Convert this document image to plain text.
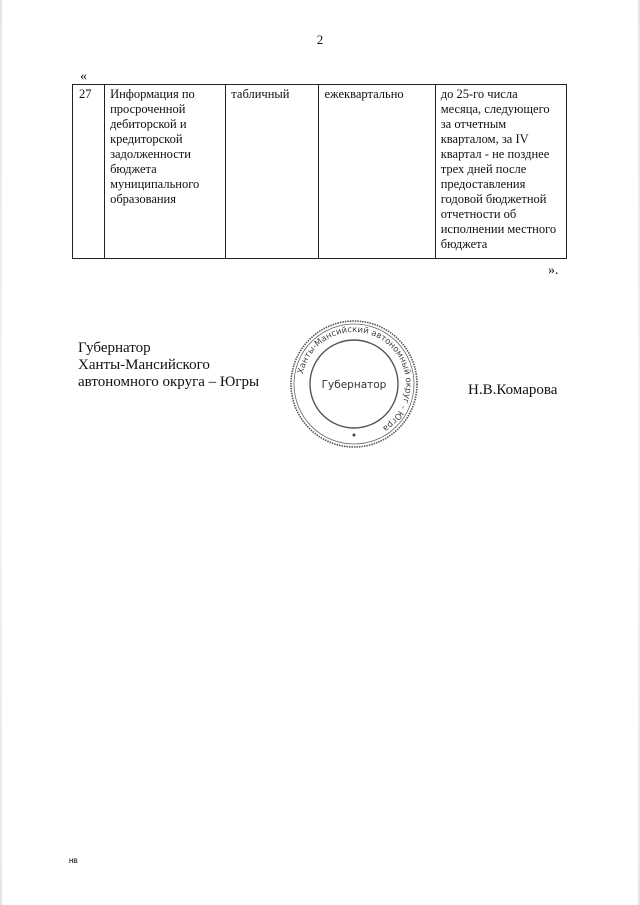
2
«
27	Информация по просроченной дебиторской и кредиторской задолженности бюджета муниципального образования	табличный	ежеквартально	до 25-го числа месяца, следующего за отчетным кварталом, за IV квартал - не позднее трех дней после предоставления годовой бюджетной отчетности об исполнении местного бюджета
».
Губернатор
Ханты-Мансийского
автономного округа – Югры
Ханты-Мансийский автономный округ - Югра
Губернатор	Н.В.Комарова
НВ
